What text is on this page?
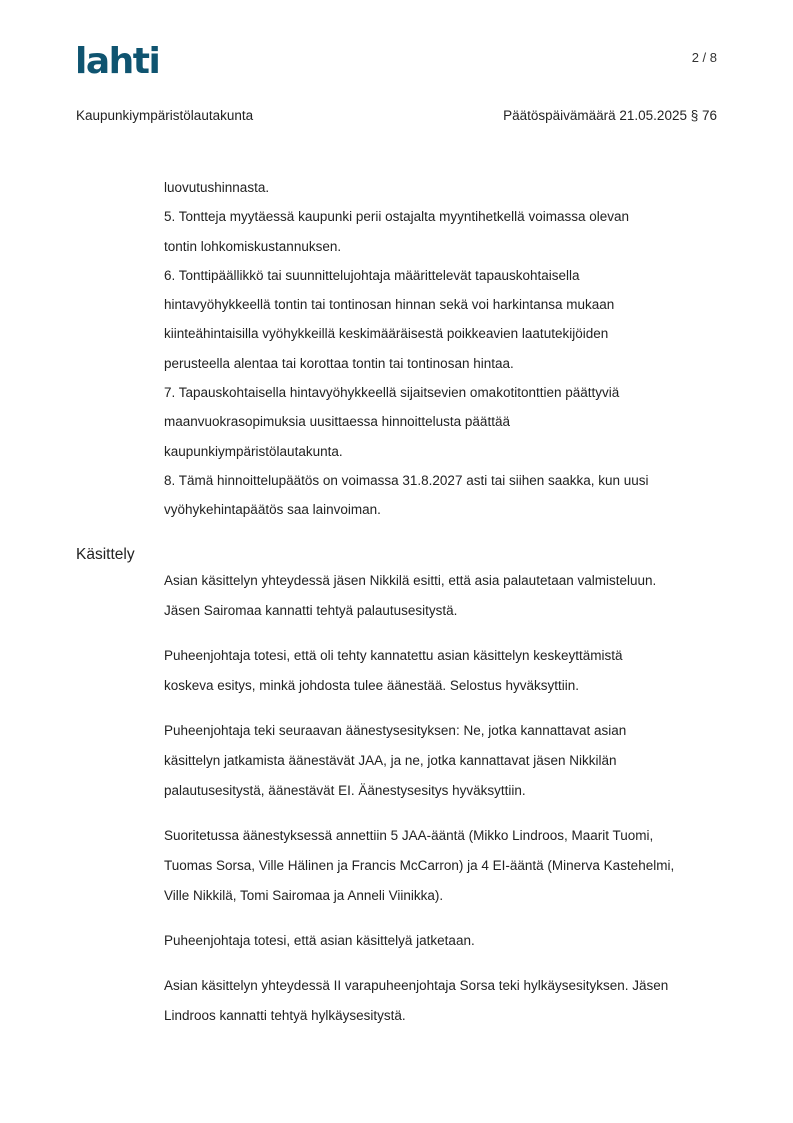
lahti	2 / 8
Kaupunkiympäristölautakunta	Päätöspäivämäärä 21.05.2025 § 76

luovutushinnasta.

5. Tontteja myytäessä kaupunki perii ostajalta myyntihetkellä voimassa olevan

tontin lohkomiskustannuksen.

6. Tonttipäällikkö tai suunnittelujohtaja määrittelevät tapauskohtaisella

hintavyöhykkeellä tontin tai tontinosan hinnan sekä voi harkintansa mukaan

kiinteähintaisilla vyöhykkeillä keskimääräisestä poikkeavien laatutekijöiden

perusteella alentaa tai korottaa tontin tai tontinosan hintaa.

7. Tapauskohtaisella hintavyöhykkeellä sijaitsevien omakotitonttien päättyviä

maanvuokrasopimuksia uusittaessa hinnoittelusta päättää

kaupunkiympäristölautakunta.

8. Tämä hinnoittelupäätös on voimassa 31.8.2027 asti tai siihen saakka, kun uusi

vyöhykehintapäätös saa lainvoiman.

Käsittely

Asian käsittelyn yhteydessä jäsen Nikkilä esitti, että asia palautetaan valmisteluun.
Jäsen Sairomaa kannatti tehtyä palautusesitystä.

Puheenjohtaja totesi, että oli tehty kannatettu asian käsittelyn keskeyttämistä
koskeva esitys, minkä johdosta tulee äänestää. Selostus hyväksyttiin.

Puheenjohtaja teki seuraavan äänestysesityksen: Ne, jotka kannattavat asian
käsittelyn jatkamista äänestävät JAA, ja ne, jotka kannattavat jäsen Nikkilän
palautusesitystä, äänestävät EI. Äänestysesitys hyväksyttiin.

Suoritetussa äänestyksessä annettiin 5 JAA-ääntä (Mikko Lindroos, Maarit Tuomi,
Tuomas Sorsa, Ville Hälinen ja Francis McCarron) ja 4 EI-ääntä (Minerva Kastehelmi,
Ville Nikkilä, Tomi Sairomaa ja Anneli Viinikka).

Puheenjohtaja totesi, että asian käsittelyä jatketaan.

Asian käsittelyn yhteydessä II varapuheenjohtaja Sorsa teki hylkäysesityksen. Jäsen
Lindroos kannatti tehtyä hylkäysesitystä.
